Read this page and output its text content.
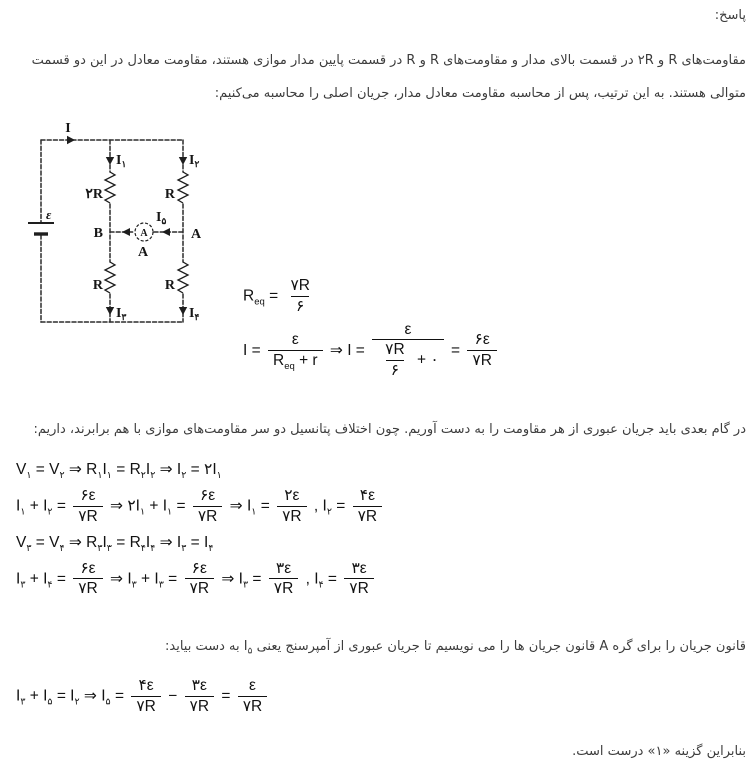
پاسخ:
مقاومت‌های R و ۲R در قسمت بالای مدار و مقاومت‌های R و R در قسمت پایین مدار موازی هستند، مقاومت معادل در این دو قسمت
متوالی هستند. به این ترتیب، پس از محاسبه مقاومت معادل مدار، جریان اصلی را محاسبه می‌کنیم:
A
I
ε
$I_۱$	$I_۲$
۲R	R
B	A
$I_۵$
A
R	R
$I_۳$	$I_۴$
$R_{eq} = \frac{۷R}{۶}$
$I = \frac{\varepsilon}{R_{eq} + r}$ ⇒ $I = \frac{\varepsilon}{\frac{۷R}{۶} + ۰} = \frac{۶\varepsilon}{۷R}$
در گام بعدی باید جریان عبوری از هر مقاومت را به دست آوریم. چون اختلاف پتانسیل دو سر مقاومت‌های موازی با هم برابرند، داریم:
$V_۱ = V_۲$ ⇒ $R_۱I_۱ = R_۲I_۲$ ⇒ $I_۲$ = $۲I_۱$
$I_۱ + I_۲ = \frac{۶\varepsilon}{۷R}$ ⇒ $۲I_۱ + I_۱ = \frac{۶\varepsilon}{۷R}$ ⇒ $I_۱ = \frac{۲\varepsilon}{۷R}$ , $I_۲ = \frac{۴\varepsilon}{۷R}$
$V_۳ = V_۴$ ⇒ $R_۳I_۳ = R_۴I_۴$ ⇒ $I_۳ = I_۴$
$I_۳ + I_۴ = \frac{۶\varepsilon}{۷R}$ ⇒ $I_۳ + I_۳ = \frac{۶\varepsilon}{۷R}$ ⇒ $I_۳ = \frac{۳\varepsilon}{۷R}$ , $I_۴ = \frac{۳\varepsilon}{۷R}$
قانون جریان را برای گره A قانون جریان ها را می نویسیم تا جریان عبوری از آمپرسنج یعنی $I_۵$ به دست بیاید:
$I_۳ + I_۵ = I_۲$ ⇒ $I_۵ = \frac{۴\varepsilon}{۷R} - \frac{۳\varepsilon}{۷R} = \frac{\varepsilon}{۷R}$
بنابراین گزینه «۱» درست است.
